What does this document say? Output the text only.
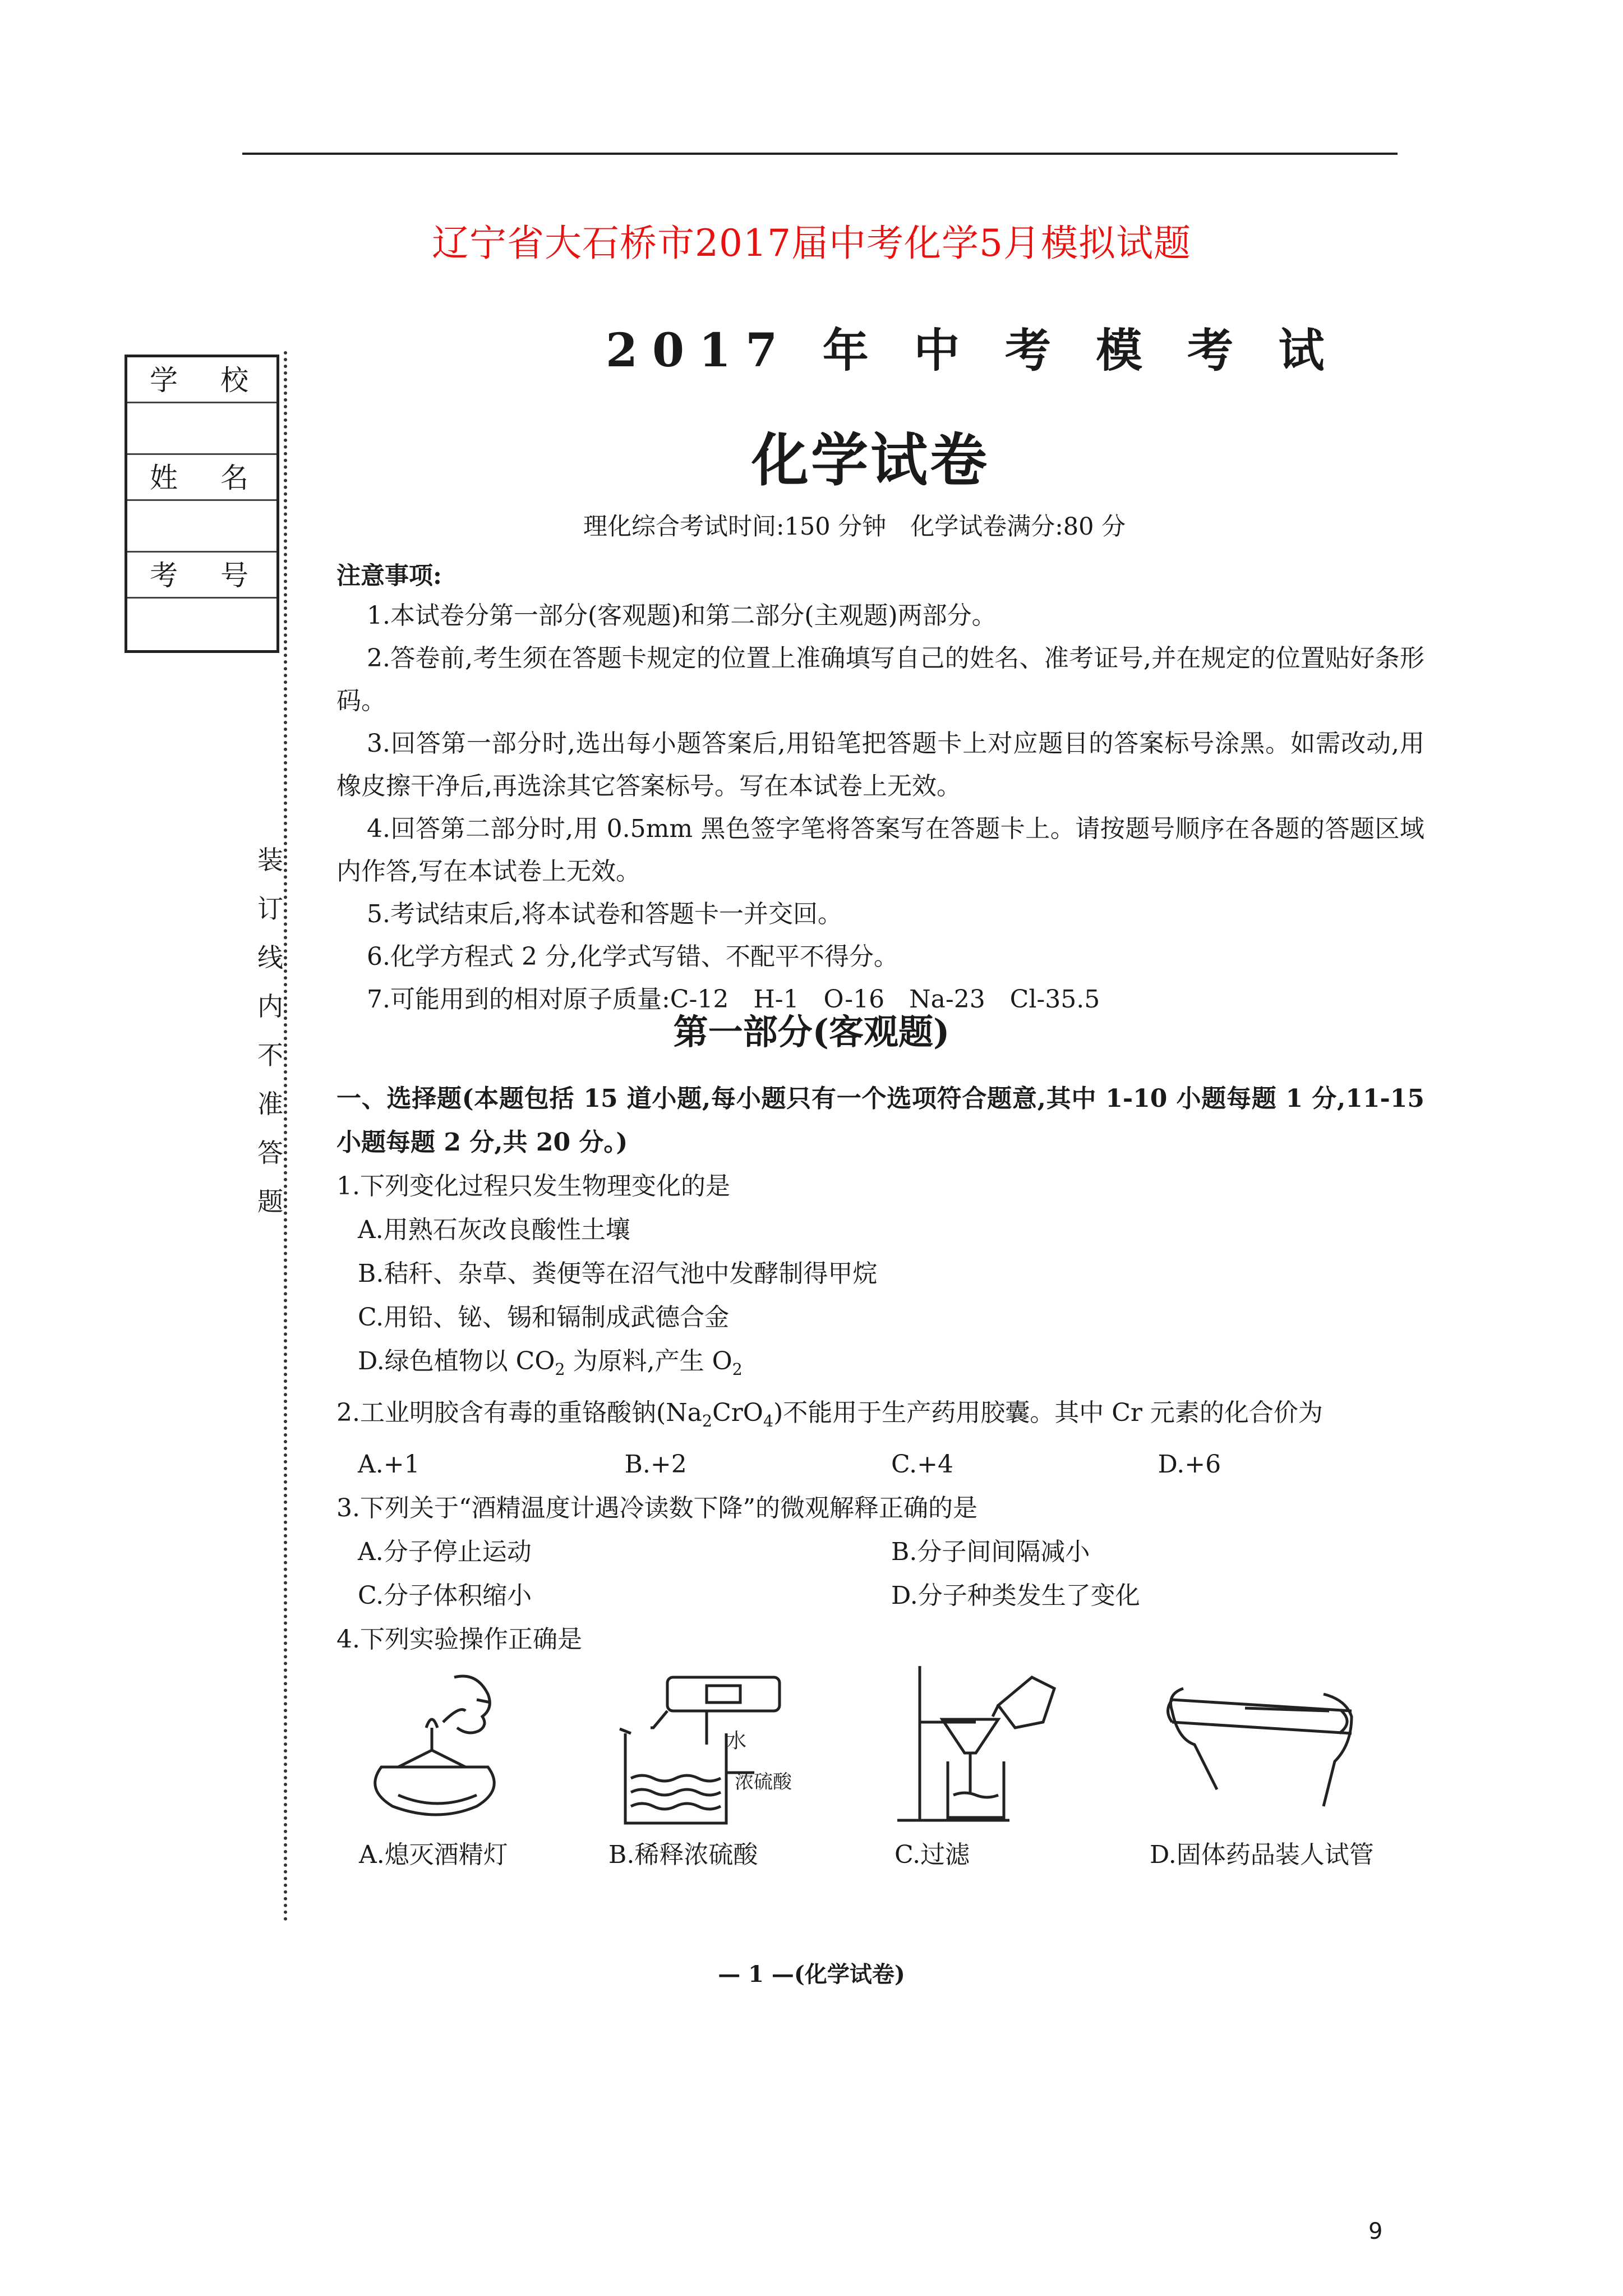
辽宁省大石桥市2017届中考化学5月模拟试题
学 校
姓 名
考 号
装
订
线
内
不
准
答
题
2017 年 中 考 模 考 试
化学试卷
理化综合考试时间:150 分钟　化学试卷满分:80 分
注意事项:

1.本试卷分第一部分(客观题)和第二部分(主观题)两部分。

2.答卷前,考生须在答题卡规定的位置上准确填写自己的姓名、准考证号,并在规定的位置贴好条形码。

3.回答第一部分时,选出每小题答案后,用铅笔把答题卡上对应题目的答案标号涂黑。如需改动,用橡皮擦干净后,再选涂其它答案标号。写在本试卷上无效。

4.回答第二部分时,用 0.5mm 黑色签字笔将答案写在答题卡上。请按题号顺序在各题的答题区域内作答,写在本试卷上无效。

5.考试结束后,将本试卷和答题卡一并交回。

6.化学方程式 2 分,化学式写错、不配平不得分。

7.可能用到的相对原子质量:C-12　H-1　O-16　Na-23　Cl-35.5

第一部分(客观题)

一、选择题(本题包括 15 道小题,每小题只有一个选项符合题意,其中 1-10 小题每题 1 分,11-15 小题每题 2 分,共 20 分。)

1.下列变化过程只发生物理变化的是

A.用熟石灰改良酸性土壤

B.秸秆、杂草、粪便等在沼气池中发酵制得甲烷

C.用铅、铋、锡和镉制成武德合金

D.绿色植物以 $CO_2$ 为原料,产生 $O_2$

2.工业明胶含有毒的重铬酸钠$(Na_2CrO_4)$不能用于生产药用胶囊。其中 Cr 元素的化合价为

A.+1	B.+2	C.+4	D.+6

3.下列关于“酒精温度计遇冷读数下降”的微观解释正确的是

A.分子停止运动	B.分子间间隔减小
C.分子体积缩小	D.分子种类发生了变化

4.下列实验操作正确是

水
浓硫酸
A.熄灭酒精灯	B.稀释浓硫酸	C.过滤	D.固体药品装人试管
— 1 —(化学试卷)
9
